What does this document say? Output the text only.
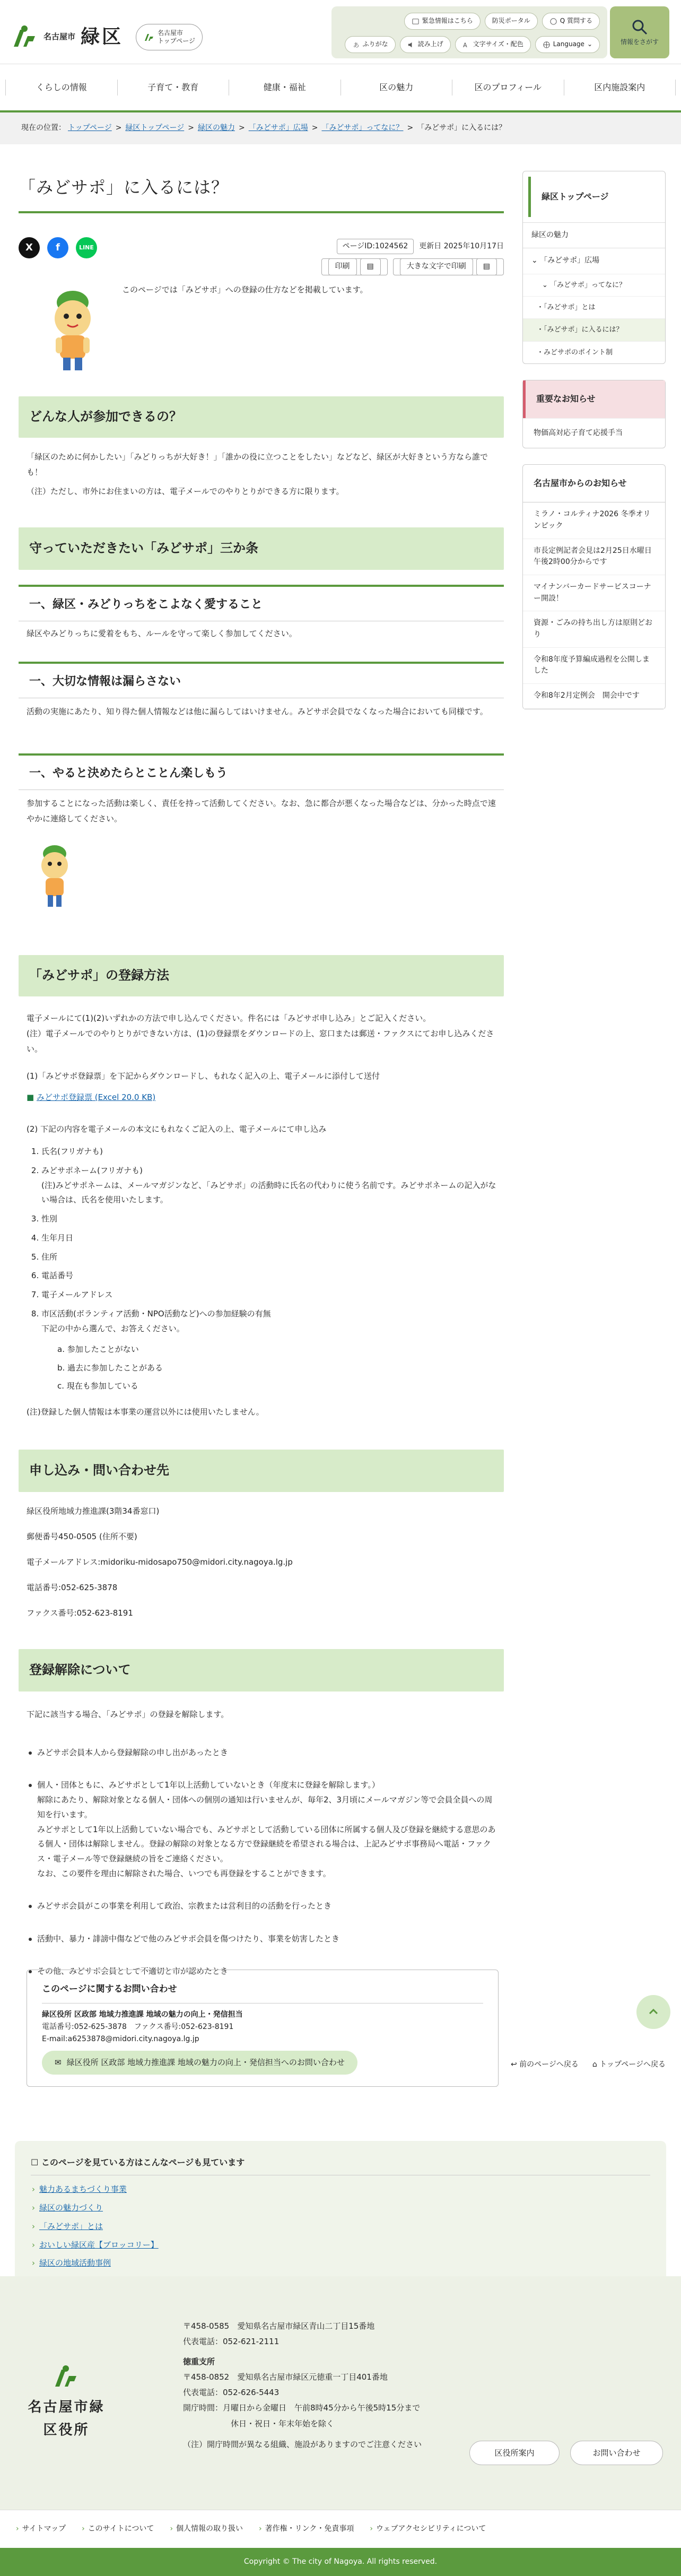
名古屋市 緑区	名古屋市
トップページ
緊急情報はこちら	防災ポータル	Q 質問する
あ ふりがな	読み上げ	A 文字サイズ・配色	Language ⌄	情報をさがす
くらしの情報	子育て・教育	健康・福祉	区の魅力	区のプロフィール	区内施設案内
現在の位置： トップページ > 緑区トップページ > 緑区の魅力 > 「みどサポ」広場 > 「みどサポ」ってなに？ > 「みどサポ」に入るには？
「みどサポ」に入るには？
X	f	LINE	ページID:1024562	更新日 2025年10月17日
印刷	▤	大きな文字で印刷	▤

このページでは「みどサポ」への登録の仕方などを掲載しています。

どんな人が参加できるの？

「緑区のために何かしたい」「みどりっちが大好き！」「誰かの役に立つことをしたい」などなど、緑区が大好きという方なら誰でも！

（注）ただし、市外にお住まいの方は、電子メールでのやりとりができる方に限ります。

守っていただきたい「みどサポ」三か条
一、緑区・みどりっちをこよなく愛すること

緑区やみどりっちに愛着をもち、ルールを守って楽しく参加してください。

一、大切な情報は漏らさない

活動の実施にあたり、知り得た個人情報などは他に漏らしてはいけません。みどサポ会員でなくなった場合においても同様です。

一、やると決めたらとことん楽しもう

参加することになった活動は楽しく、責任を持って活動してください。なお、急に都合が悪くなった場合などは、分かった時点で速やかに連絡してください。

「みどサポ」の登録方法

電子メールにて(1)(2)いずれかの方法で申し込んでください。件名には「みどサポ申し込み」とご記入ください。

(注）電子メールでのやりとりができない方は、(1)の登録票をダウンロードの上、窓口または郵送・ファクスにてお申し込みください。

(1)「みどサポ登録票」を下記からダウンロードし、もれなく記入の上、電子メールに添付して送付

■ みどサポ登録票 (Excel 20.0 KB)

(2) 下記の内容を電子メールの本文にもれなくご記入の上、電子メールにて申し込み

1. 氏名(フリガナも)
2. みどサポネーム(フリガナも)
(注)みどサポネームは、メールマガジンなど、「みどサポ」の活動時に氏名の代わりに使う名前です。みどサポネームの記入がない場合は、氏名を使用いたします。
3. 性別
4. 生年月日
5. 住所
6. 電話番号
7. 電子メールアドレス
8. 市区活動(ボランティア活動・NPO活動など)への参加経験の有無
下記の中から選んで、お答えください。
a. 参加したことがない
b. 過去に参加したことがある
c. 現在も参加している

(注)登録した個人情報は本事業の運営以外には使用いたしません。

申し込み・問い合わせ先

緑区役所地域力推進課(3階34番窓口)

郵便番号450-0505 (住所不要)

電子メールアドレス:midoriku-midosapo750@midori.city.nagoya.lg.jp

電話番号:052-625-3878

ファクス番号:052-623-8191

登録解除について

下記に該当する場合、「みどサポ」の登録を解除します。

みどサポ会員本人から登録解除の申し出があったとき

個人・団体ともに、みどサポとして1年以上活動していないとき（年度末に登録を解除します。）
解除にあたり、解除対象となる個人・団体への個別の通知は行いませんが、毎年2、3月頃にメールマガジン等で会員全員への周知を行います。
みどサポとして1年以上活動していない場合でも、みどサポとして活動している団体に所属する個人及び登録を継続する意思のある個人・団体は解除しません。登録の解除の対象となる方で登録継続を希望される場合は、上記みどサポ事務局へ電話・ファクス・電子メール等で登録継続の旨をご連絡ください。
なお、この要件を理由に解除された場合、いつでも再登録をすることができます。

みどサポ会員がこの事業を利用して政治、宗教または営利目的の活動を行ったとき

活動中、暴力・誹謗中傷などで他のみどサポ会員を傷つけたり、事業を妨害したとき

その他、みどサポ会員として不適切と市が認めたとき

このページに関するお問い合わせ
緑区役所 区政部 地域力推進課 地域の魅力の向上・発信担当
電話番号:052-625-3878　ファクス番号:052-623-8191
E-mail:a6253878@midori.city.nagoya.lg.jp
✉ 緑区役所 区政部 地域力推進課 地域の魅力の向上・発信担当へのお問い合わせ
緑区トップページ
緑区の魅力
⌄ 「みどサポ」広場
⌄ 「みどサポ」ってなに？
・「みどサポ」とは
・「みどサポ」に入るには？
・みどサポのポイント制
重要なお知らせ
物価高対応子育て応援手当
名古屋市からのお知らせ
ミラノ・コルティナ2026 冬季オリンピック
市長定例記者会見は2月25日水曜日午後2時00分からです
マイナンバーカードサービスコーナー開設！
資源・ごみの持ち出し方は原則どおり
令和8年度予算編成過程を公開しました
令和8年2月定例会　開会中です
↩ 前のページへ戻る ⌂ トップページへ戻る
☐ このページを見ている方はこんなページも見ています
› 魅力あるまちづくり事業
› 緑区の魅力づくり
› 「みどサポ」とは
› おいしい緑区産【ブロッコリー】
› 緑区の地域活動事例
名古屋市緑区役所
〒458-0585　愛知県名古屋市緑区青山二丁目15番地
代表電話：052-621-2111
徳重支所
〒458-0852　愛知県名古屋市緑区元徳重一丁目401番地
代表電話：052-626-5443
開庁時間：月曜日から金曜日　午前8時45分から午後5時15分まで
休日・祝日・年末年始を除く
（注）開庁時間が異なる組織、施設がありますのでご注意ください
区役所案内	お問い合わせ
› サイトマップ	› このサイトについて	› 個人情報の取り扱い	› 著作権・リンク・免責事項	› ウェブアクセシビリティについて
Copyright © The city of Nagoya. All rights reserved.
